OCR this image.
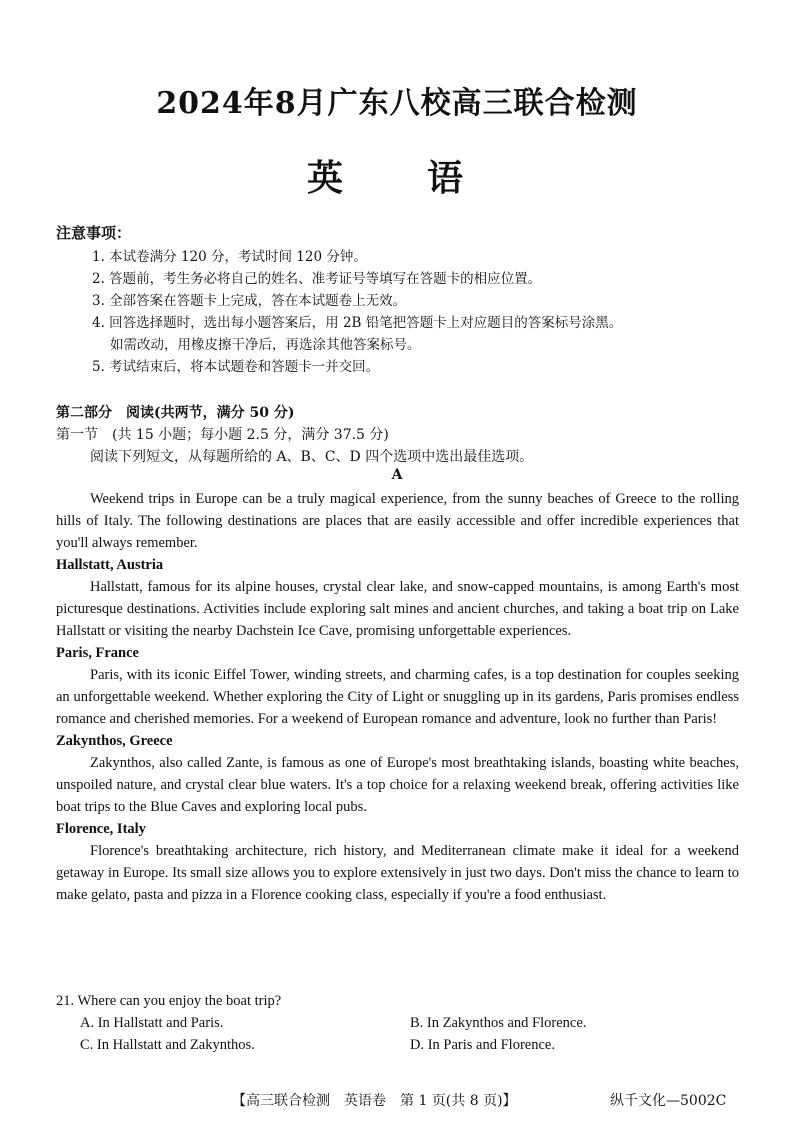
2024年8月广东八校高三联合检测
英　语
注意事项：
1. 本试卷满分 120 分，考试时间 120 分钟。
2. 答题前，考生务必将自己的姓名、准考证号等填写在答题卡的相应位置。
3. 全部答案在答题卡上完成，答在本试题卷上无效。
4. 回答选择题时，选出每小题答案后，用 2B 铅笔把答题卡上对应题目的答案标号涂黑。
如需改动，用橡皮擦干净后，再选涂其他答案标号。
5. 考试结束后，将本试题卷和答题卡一并交回。
第二部分　阅读(共两节，满分 50 分)
第一节　(共 15 小题；每小题 2.5 分，满分 37.5 分)
阅读下列短文，从每题所给的 A、B、C、D 四个选项中选出最佳选项。
A

Weekend trips in Europe can be a truly magical experience, from the sunny beaches of Greece to the rolling hills of Italy. The following destinations are places that are easily accessible and offer incredible experiences that you'll always remember.

Hallstatt, Austria

Hallstatt, famous for its alpine houses, crystal clear lake, and snow-capped mountains, is among Earth's most picturesque destinations. Activities include exploring salt mines and ancient churches, and taking a boat trip on Lake Hallstatt or visiting the nearby Dachstein Ice Cave, promising unforgettable experiences.

Paris, France

Paris, with its iconic Eiffel Tower, winding streets, and charming cafes, is a top destination for couples seeking an unforgettable weekend. Whether exploring the City of Light or snuggling up in its gardens, Paris promises endless romance and cherished memories. For a weekend of European romance and adventure, look no further than Paris!

Zakynthos, Greece

Zakynthos, also called Zante, is famous as one of Europe's most breathtaking islands, boasting white beaches, unspoiled nature, and crystal clear blue waters. It's a top choice for a relaxing weekend break, offering activities like boat trips to the Blue Caves and exploring local pubs.

Florence, Italy

Florence's breathtaking architecture, rich history, and Mediterranean climate make it ideal for a weekend getaway in Europe. Its small size allows you to explore extensively in just two days. Don't miss the chance to learn to make gelato, pasta and pizza in a Florence cooking class, especially if you're a food enthusiast.

21. Where can you enjoy the boat trip?
A. In Hallstatt and Paris.	B. In Zakynthos and Florence.
C. In Hallstatt and Zakynthos.	D. In Paris and Florence.
【高三联合检测　英语卷　第 1 页(共 8 页)】	纵千文化—5002C
